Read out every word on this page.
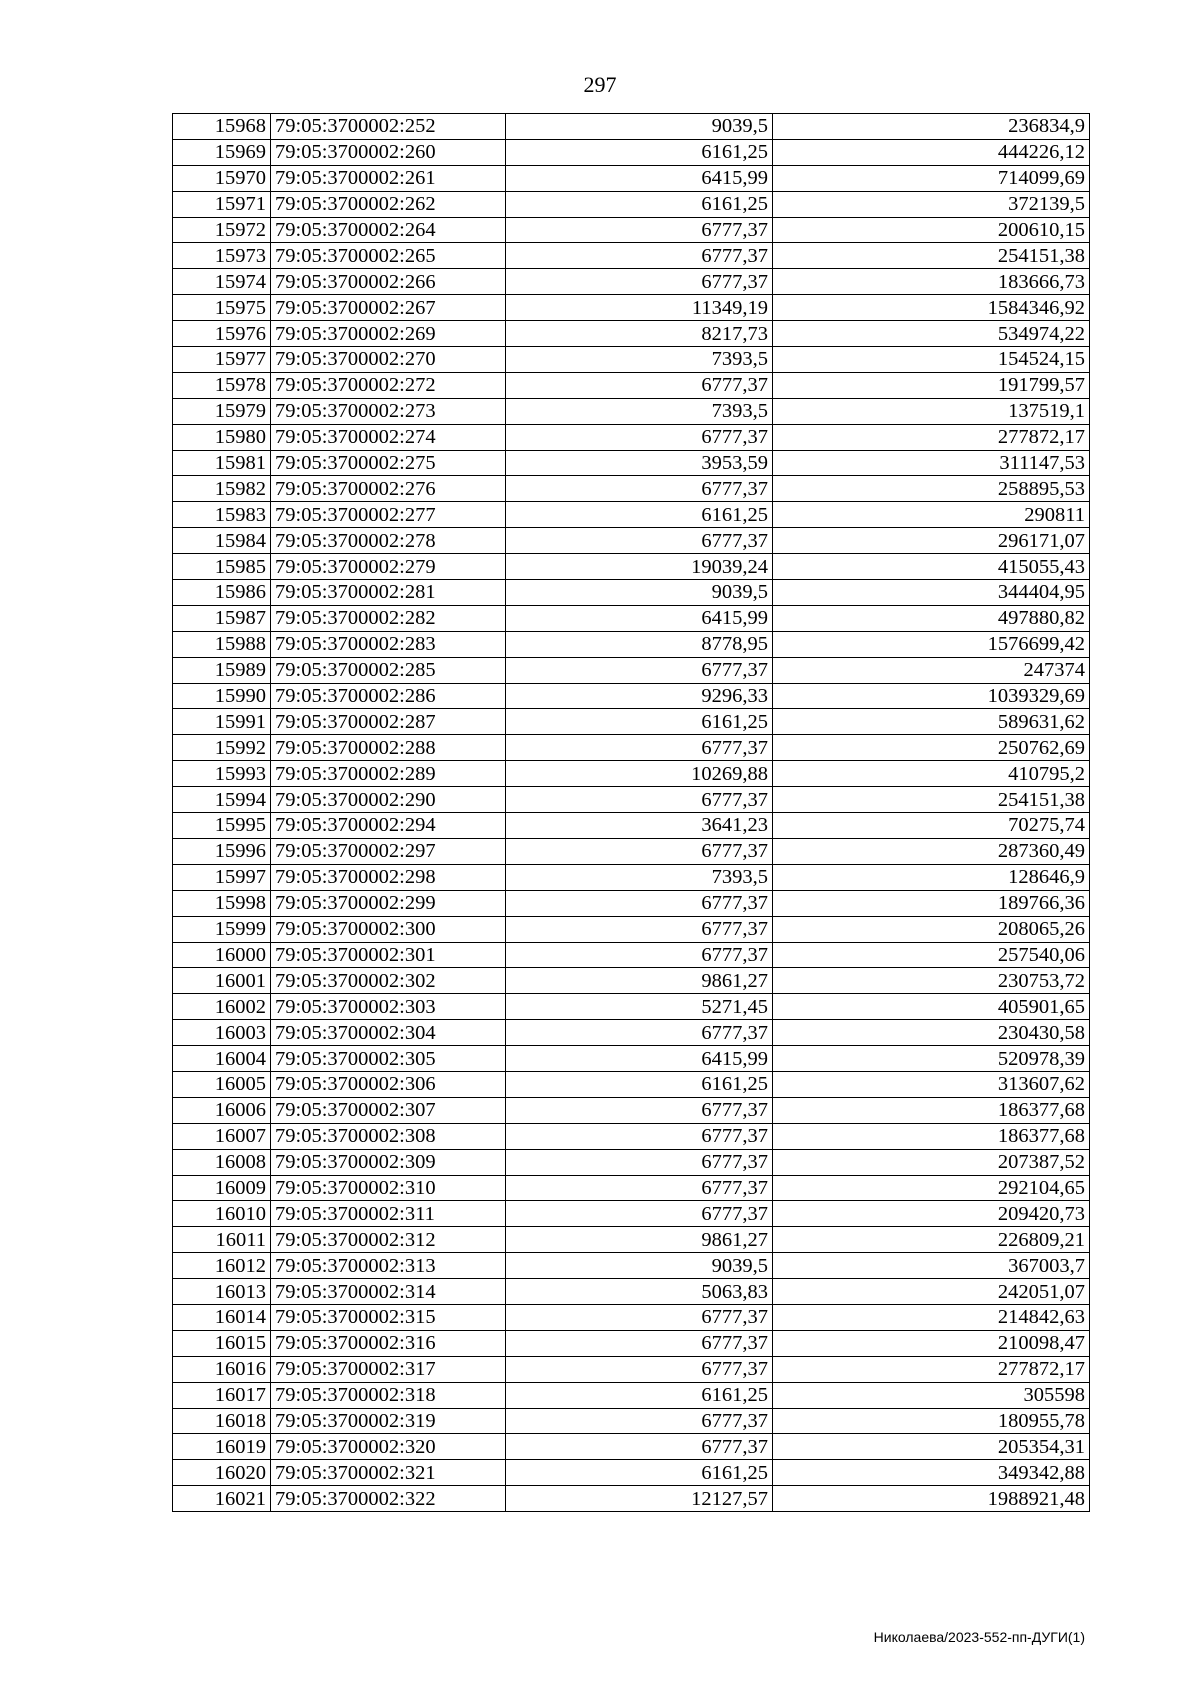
297
15968	79:05:3700002:252	9039,5	236834,9
15969	79:05:3700002:260	6161,25	444226,12
15970	79:05:3700002:261	6415,99	714099,69
15971	79:05:3700002:262	6161,25	372139,5
15972	79:05:3700002:264	6777,37	200610,15
15973	79:05:3700002:265	6777,37	254151,38
15974	79:05:3700002:266	6777,37	183666,73
15975	79:05:3700002:267	11349,19	1584346,92
15976	79:05:3700002:269	8217,73	534974,22
15977	79:05:3700002:270	7393,5	154524,15
15978	79:05:3700002:272	6777,37	191799,57
15979	79:05:3700002:273	7393,5	137519,1
15980	79:05:3700002:274	6777,37	277872,17
15981	79:05:3700002:275	3953,59	311147,53
15982	79:05:3700002:276	6777,37	258895,53
15983	79:05:3700002:277	6161,25	290811
15984	79:05:3700002:278	6777,37	296171,07
15985	79:05:3700002:279	19039,24	415055,43
15986	79:05:3700002:281	9039,5	344404,95
15987	79:05:3700002:282	6415,99	497880,82
15988	79:05:3700002:283	8778,95	1576699,42
15989	79:05:3700002:285	6777,37	247374
15990	79:05:3700002:286	9296,33	1039329,69
15991	79:05:3700002:287	6161,25	589631,62
15992	79:05:3700002:288	6777,37	250762,69
15993	79:05:3700002:289	10269,88	410795,2
15994	79:05:3700002:290	6777,37	254151,38
15995	79:05:3700002:294	3641,23	70275,74
15996	79:05:3700002:297	6777,37	287360,49
15997	79:05:3700002:298	7393,5	128646,9
15998	79:05:3700002:299	6777,37	189766,36
15999	79:05:3700002:300	6777,37	208065,26
16000	79:05:3700002:301	6777,37	257540,06
16001	79:05:3700002:302	9861,27	230753,72
16002	79:05:3700002:303	5271,45	405901,65
16003	79:05:3700002:304	6777,37	230430,58
16004	79:05:3700002:305	6415,99	520978,39
16005	79:05:3700002:306	6161,25	313607,62
16006	79:05:3700002:307	6777,37	186377,68
16007	79:05:3700002:308	6777,37	186377,68
16008	79:05:3700002:309	6777,37	207387,52
16009	79:05:3700002:310	6777,37	292104,65
16010	79:05:3700002:311	6777,37	209420,73
16011	79:05:3700002:312	9861,27	226809,21
16012	79:05:3700002:313	9039,5	367003,7
16013	79:05:3700002:314	5063,83	242051,07
16014	79:05:3700002:315	6777,37	214842,63
16015	79:05:3700002:316	6777,37	210098,47
16016	79:05:3700002:317	6777,37	277872,17
16017	79:05:3700002:318	6161,25	305598
16018	79:05:3700002:319	6777,37	180955,78
16019	79:05:3700002:320	6777,37	205354,31
16020	79:05:3700002:321	6161,25	349342,88
16021	79:05:3700002:322	12127,57	1988921,48
Николаева/2023-552-пп-ДУГИ(1)
